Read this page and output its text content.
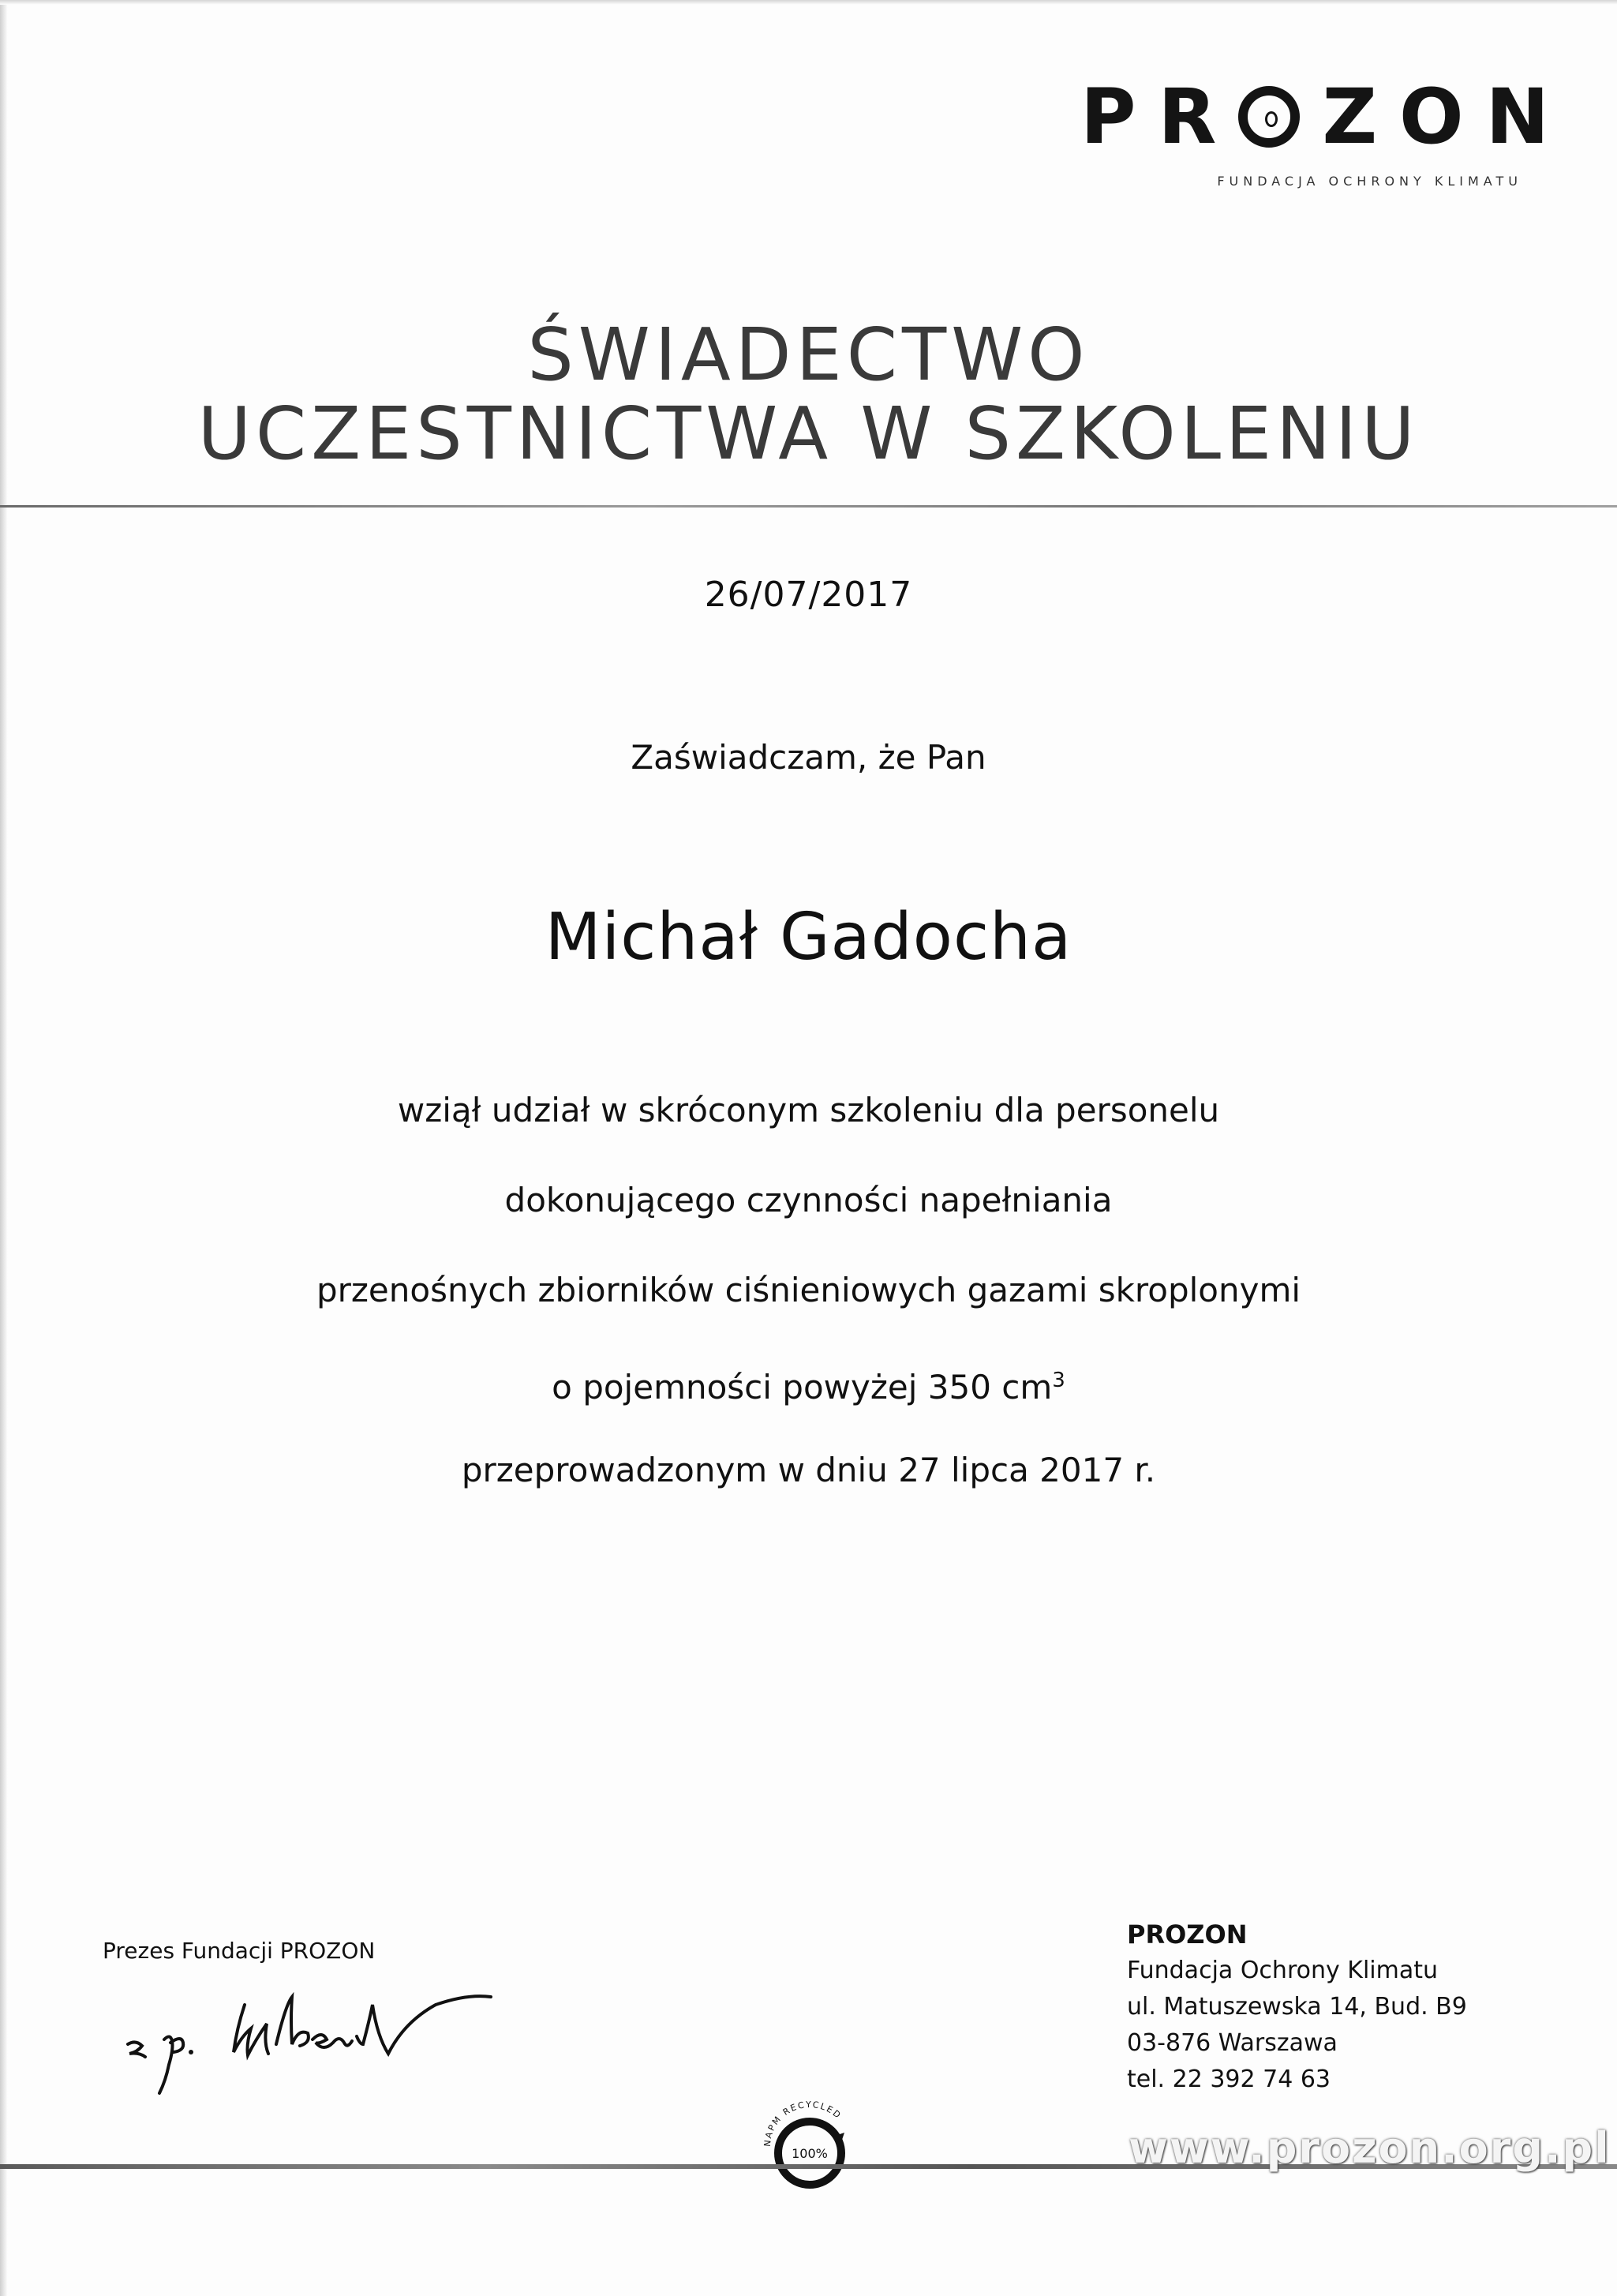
PR ZON
FUNDACJA OCHRONY KLIMATU
ŚWIADECTWO
UCZESTNICTWA W SZKOLENIU
26/07/2017
Zaświadczam, że Pan
Michał Gadocha
wziął udział w skróconym szkoleniu dla personelu
dokonującego czynności napełniania
przenośnych zbiorników ciśnieniowych gazami skroplonymi
o pojemności powyżej 350 $cm^3$
przeprowadzonym w dniu 27 lipca 2017 r.
Prezes Fundacji PROZON
PROZON
Fundacja Ochrony Klimatu
ul. Matuszewska 14, Bud. B9
03-876 Warszawa
tel. 22 392 74 63
NAPM RECYCLED
100%	www.prozon.org.pl
